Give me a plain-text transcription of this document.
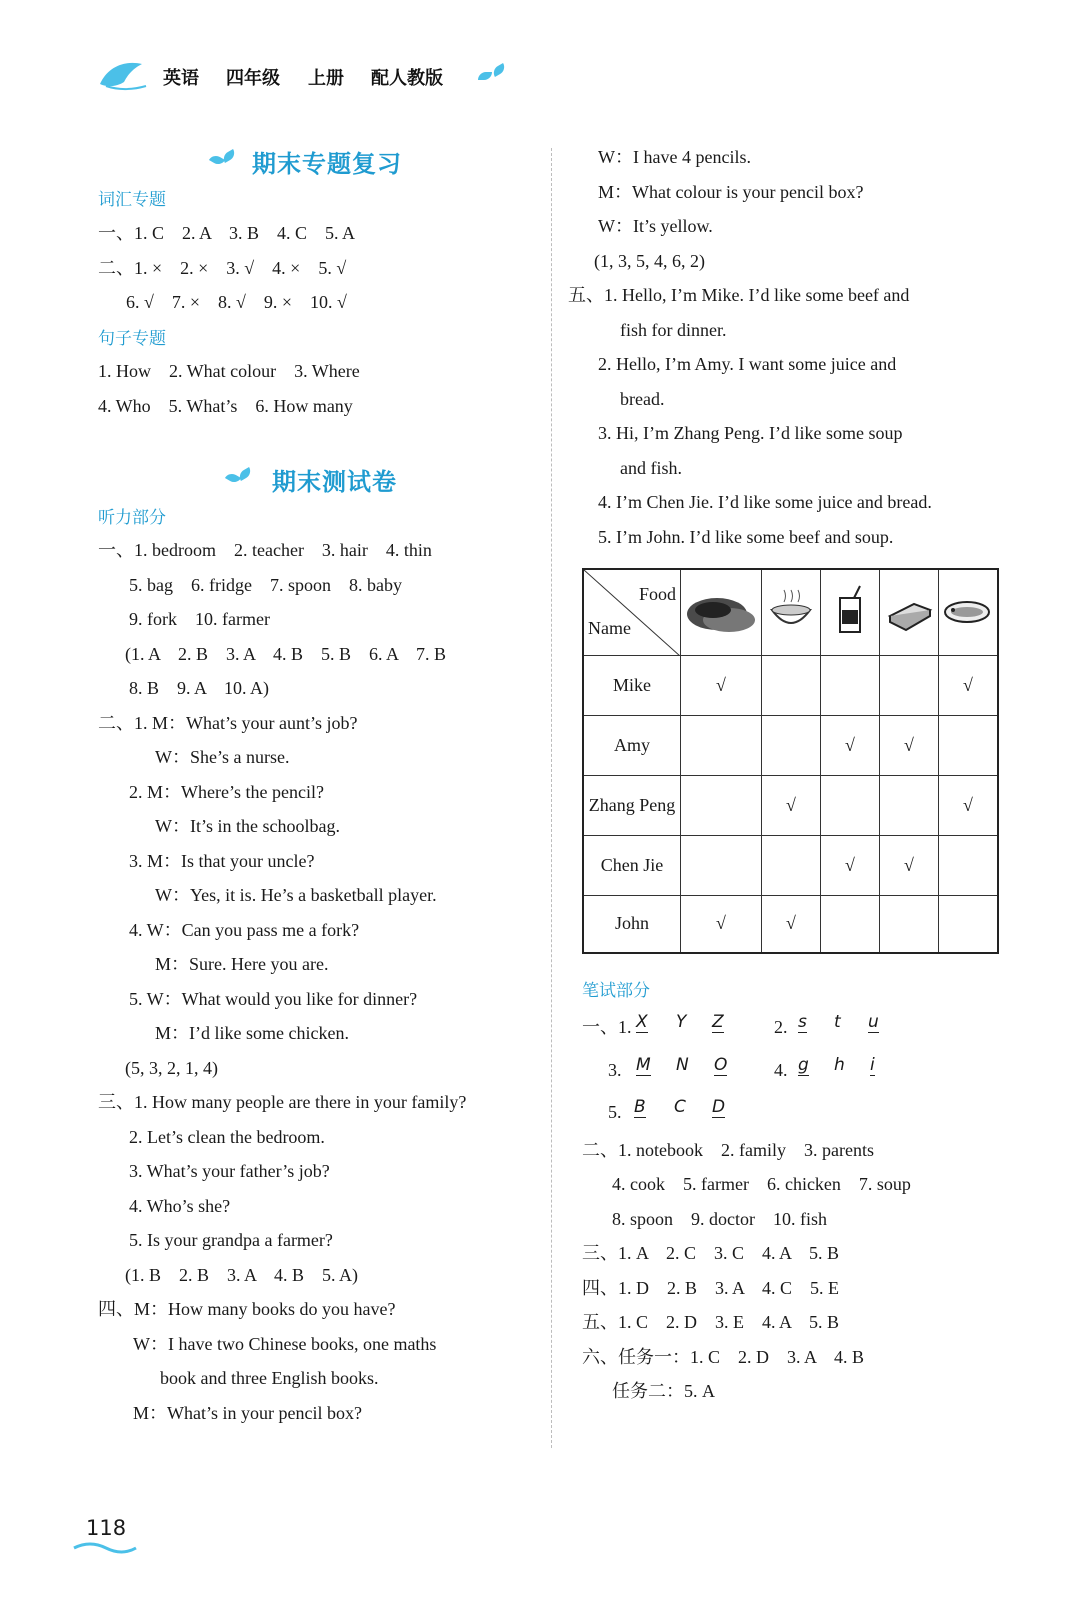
英语 四年级 上册 配人教版
期末专题复习
词汇专题
一、1. C　2. A　3. B　4. C　5. A
二、1. ×　2. ×　3. √　4. ×　5. √
6. √　7. ×　8. √　9. ×　10. √
句子专题
1. How　2. What colour　3. Where
4. Who　5. What’s　6. How many
期末测试卷
听力部分
一、1. bedroom　2. teacher　3. hair　4. thin
5. bag　6. fridge　7. spoon　8. baby
9. fork　10. farmer
(1. A　2. B　3. A　4. B　5. B　6. A　7. B
8. B　9. A　10. A)
二、1. M：What’s your aunt’s job?
W：She’s a nurse.
2. M：Where’s the pencil?
W：It’s in the schoolbag.
3. M：Is that your uncle?
W：Yes, it is. He’s a basketball player.
4. W：Can you pass me a fork?
M：Sure. Here you are.
5. W：What would you like for dinner?
M：I’d like some chicken.
(5, 3, 2, 1, 4)
三、1. How many people are there in your family?
2. Let’s clean the bedroom.
3. What’s your father’s job?
4. Who’s she?
5. Is your grandpa a farmer?
(1. B　2. B　3. A　4. B　5. A)
四、M：How many books do you have?
W：I have two Chinese books, one maths
book and three English books.
M：What’s in your pencil box?
W：I have 4 pencils.
M：What colour is your pencil box?
W：It’s yellow.
(1, 3, 5, 4, 6, 2)
五、1. Hello, I’m Mike. I’d like some beef and
fish for dinner.
2. Hello, I’m Amy. I want some juice and
bread.
3. Hi, I’m Zhang Peng. I’d like some soup
and fish.
4. I’m Chen Jie. I’d like some juice and bread.
5. I’m John. I’d like some beef and soup.
Food
Name

Mike	√				√
Amy			√	√	
Zhang Peng		√			√
Chen Jie			√	√	
John	√	√			
笔试部分
一、1. X Y Z	2. s t u
3. M N O	4. g h i
5. B C D
二、1. notebook　2. family　3. parents
4. cook　5. farmer　6. chicken　7. soup
8. spoon　9. doctor　10. fish
三、1. A　2. C　3. C　4. A　5. B
四、1. D　2. B　3. A　4. C　5. E
五、1. C　2. D　3. E　4. A　5. B
六、任务一：1. C　2. D　3. A　4. B
任务二：5. A
118
